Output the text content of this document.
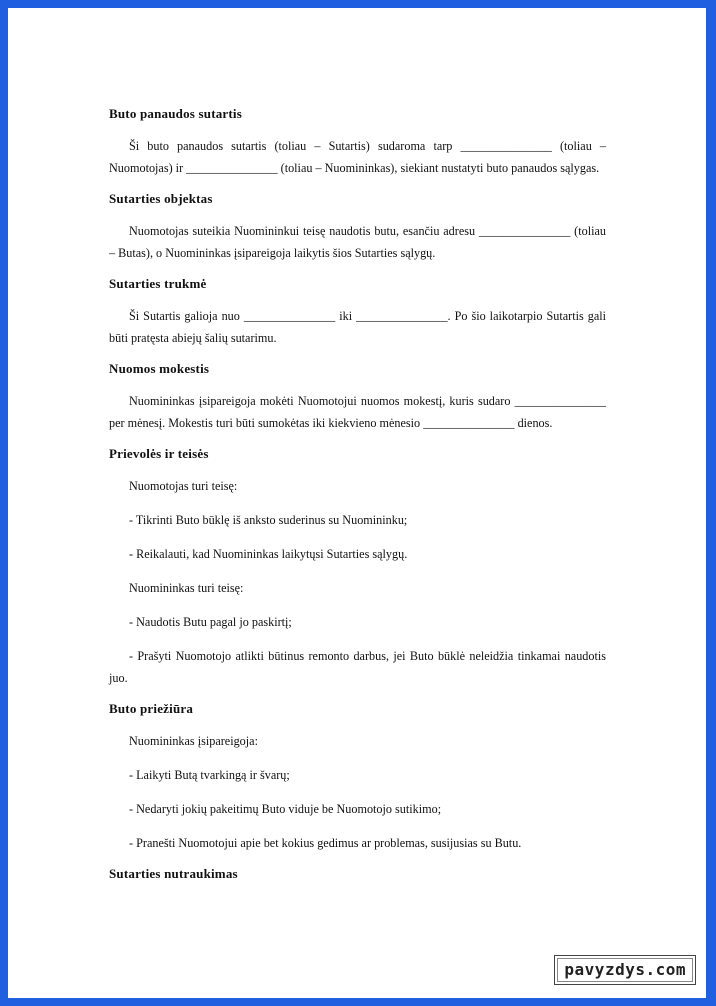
Buto panaudos sutartis

Ši buto panaudos sutartis (toliau – Sutartis) sudaroma tarp _______________ (toliau – Nuomotojas) ir _______________ (toliau – Nuomininkas), siekiant nustatyti buto panaudos sąlygas.

Sutarties objektas

Nuomotojas suteikia Nuomininkui teisę naudotis butu, esančiu adresu _______________ (toliau – Butas), o Nuomininkas įsipareigoja laikytis šios Sutarties sąlygų.

Sutarties trukmė

Ši Sutartis galioja nuo _______________ iki _______________. Po šio laikotarpio Sutartis gali būti pratęsta abiejų šalių sutarimu.

Nuomos mokestis

Nuomininkas įsipareigoja mokėti Nuomotojui nuomos mokestį, kuris sudaro _______________ per mėnesį. Mokestis turi būti sumokėtas iki kiekvieno mėnesio _______________ dienos.

Prievolės ir teisės

Nuomotojas turi teisę:

- Tikrinti Buto būklę iš anksto suderinus su Nuomininku;

- Reikalauti, kad Nuomininkas laikytųsi Sutarties sąlygų.

Nuomininkas turi teisę:

- Naudotis Butu pagal jo paskirtį;

- Prašyti Nuomotojo atlikti būtinus remonto darbus, jei Buto būklė neleidžia tinkamai naudotis juo.

Buto priežiūra

Nuomininkas įsipareigoja:

- Laikyti Butą tvarkingą ir švarų;

- Nedaryti jokių pakeitimų Buto viduje be Nuomotojo sutikimo;

- Pranešti Nuomotojui apie bet kokius gedimus ar problemas, susijusias su Butu.

Sutarties nutraukimas
pavyzdys.com
